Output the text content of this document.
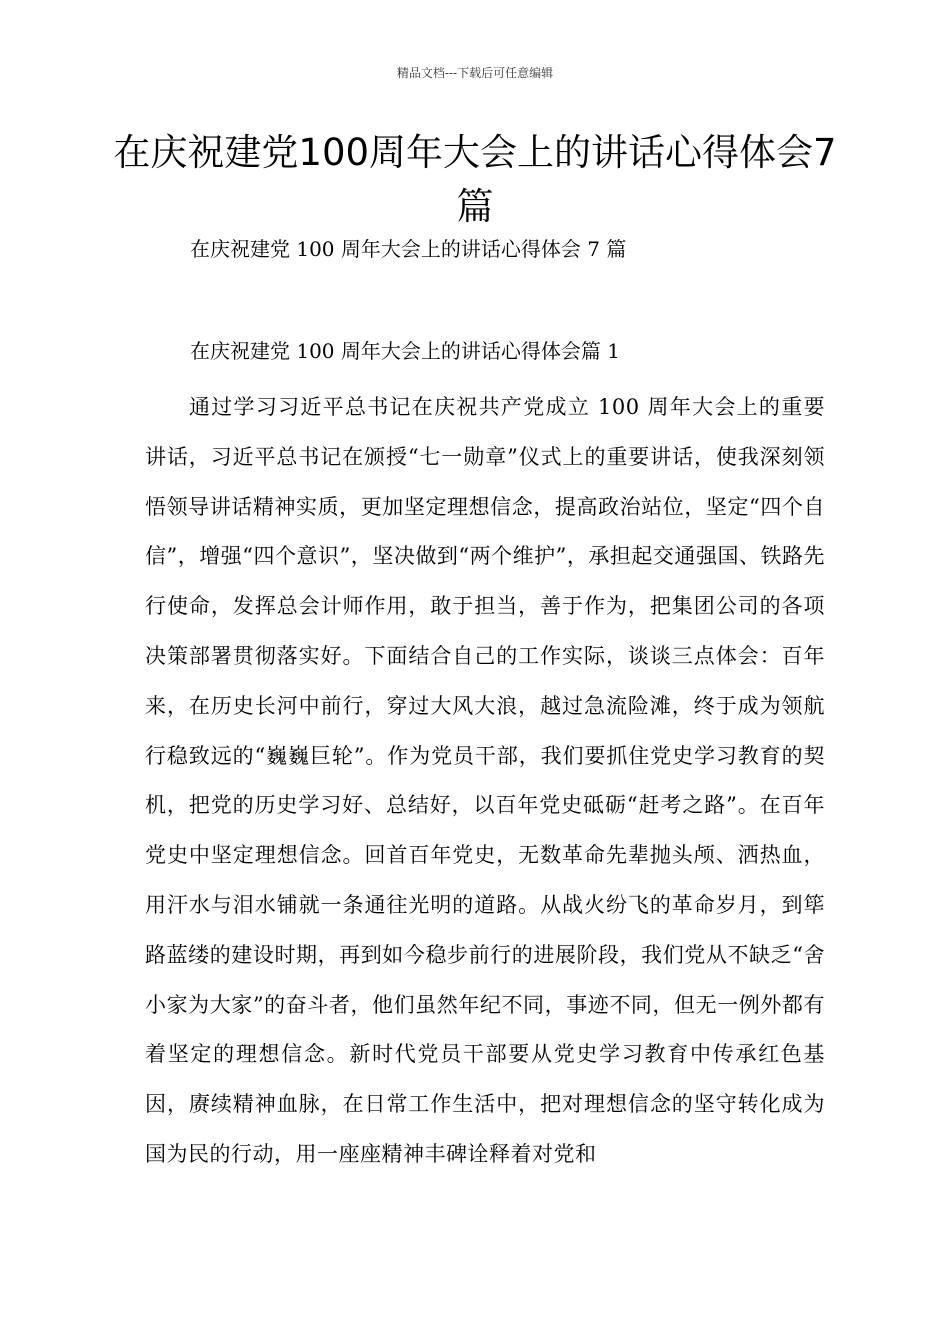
精品文档---下载后可任意编辑
在庆祝建党100周年大会上的讲话心得体会7篇
在庆祝建党 100 周年大会上的讲话心得体会 7 篇
在庆祝建党 100 周年大会上的讲话心得体会篇 1

通过学习习近平总书记在庆祝共产党成立 100 周年大会上的重要讲话，习近平总书记在颁授“七一勋章”仪式上的重要讲话，使我深刻领悟领导讲话精神实质，更加坚定理想信念，提高政治站位，坚定“四个自信”，增强“四个意识”，坚决做到“两个维护”，承担起交通强国、铁路先行使命，发挥总会计师作用，敢于担当，善于作为，把集团公司的各项决策部署贯彻落实好。下面结合自己的工作实际，谈谈三点体会：百年来，在历史长河中前行，穿过大风大浪，越过急流险滩，终于成为领航行稳致远的“巍巍巨轮”。作为党员干部，我们要抓住党史学习教育的契机，把党的历史学习好、总结好，以百年党史砥砺“赶考之路”。在百年党史中坚定理想信念。回首百年党史，无数革命先辈抛头颅、洒热血，用汗水与泪水铺就一条通往光明的道路。从战火纷飞的革命岁月，到筚路蓝缕的建设时期，再到如今稳步前行的进展阶段，我们党从不缺乏“舍小家为大家”的奋斗者，他们虽然年纪不同，事迹不同，但无一例外都有着坚定的理想信念。新时代党员干部要从党史学习教育中传承红色基因，赓续精神血脉，在日常工作生活中，把对理想信念的坚守转化成为国为民的行动，用一座座精神丰碑诠释着对党和
